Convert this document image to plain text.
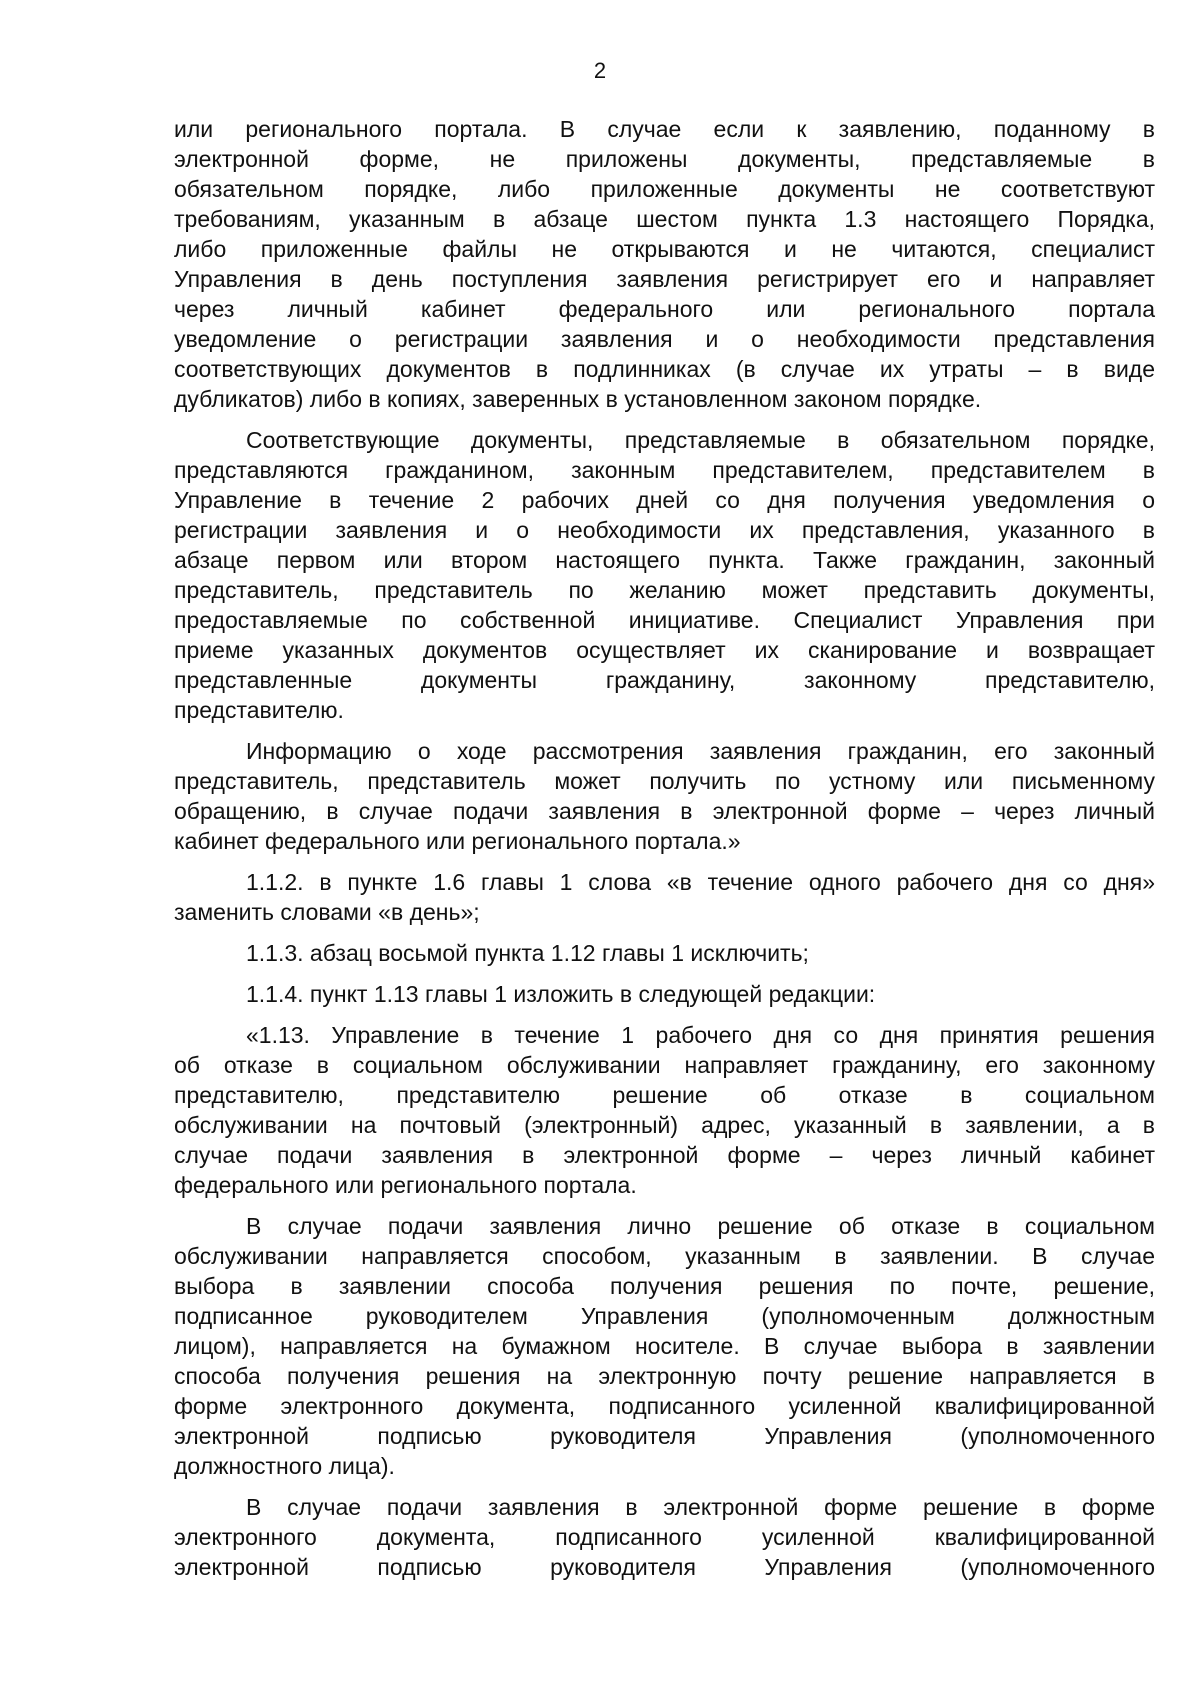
2

или регионального портала. В случае если к заявлению, поданному в
электронной форме, не приложены документы, представляемые в
обязательном порядке, либо приложенные документы не соответствуют
требованиям, указанным в абзаце шестом пункта 1.3 настоящего Порядка,
либо приложенные файлы не открываются и не читаются, специалист
Управления в день поступления заявления регистрирует его и направляет
через личный кабинет федерального или регионального портала
уведомление о регистрации заявления и о необходимости представления
соответствующих документов в подлинниках (в случае их утраты – в виде
дубликатов) либо в копиях, заверенных в установленном законом порядке.

Соответствующие документы, представляемые в обязательном порядке,
представляются гражданином, законным представителем, представителем в
Управление в течение 2 рабочих дней со дня получения уведомления о
регистрации заявления и о необходимости их представления, указанного в
абзаце первом или втором настоящего пункта. Также гражданин, законный
представитель, представитель по желанию может представить документы,
предоставляемые по собственной инициативе. Специалист Управления при
приеме указанных документов осуществляет их сканирование и возвращает
представленные документы гражданину, законному представителю,
представителю.

Информацию о ходе рассмотрения заявления гражданин, его законный
представитель, представитель может получить по устному или письменному
обращению, в случае подачи заявления в электронной форме – через личный
кабинет федерального или регионального портала.»

1.1.2. в пункте 1.6 главы 1 слова «в течение одного рабочего дня со дня»
заменить словами «в день»;

1.1.3. абзац восьмой пункта 1.12 главы 1 исключить;

1.1.4. пункт 1.13 главы 1 изложить в следующей редакции:

«1.13. Управление в течение 1 рабочего дня со дня принятия решения
об отказе в социальном обслуживании направляет гражданину, его законному
представителю, представителю решение об отказе в социальном
обслуживании на почтовый (электронный) адрес, указанный в заявлении, а в
случае подачи заявления в электронной форме – через личный кабинет
федерального или регионального портала.

В случае подачи заявления лично решение об отказе в социальном
обслуживании направляется способом, указанным в заявлении. В случае
выбора в заявлении способа получения решения по почте, решение,
подписанное руководителем Управления (уполномоченным должностным
лицом), направляется на бумажном носителе. В случае выбора в заявлении
способа получения решения на электронную почту решение направляется в
форме электронного документа, подписанного усиленной квалифицированной
электронной подписью руководителя Управления (уполномоченного
должностного лица).

В случае подачи заявления в электронной форме решение в форме
электронного документа, подписанного усиленной квалифицированной
электронной подписью руководителя Управления (уполномоченного
